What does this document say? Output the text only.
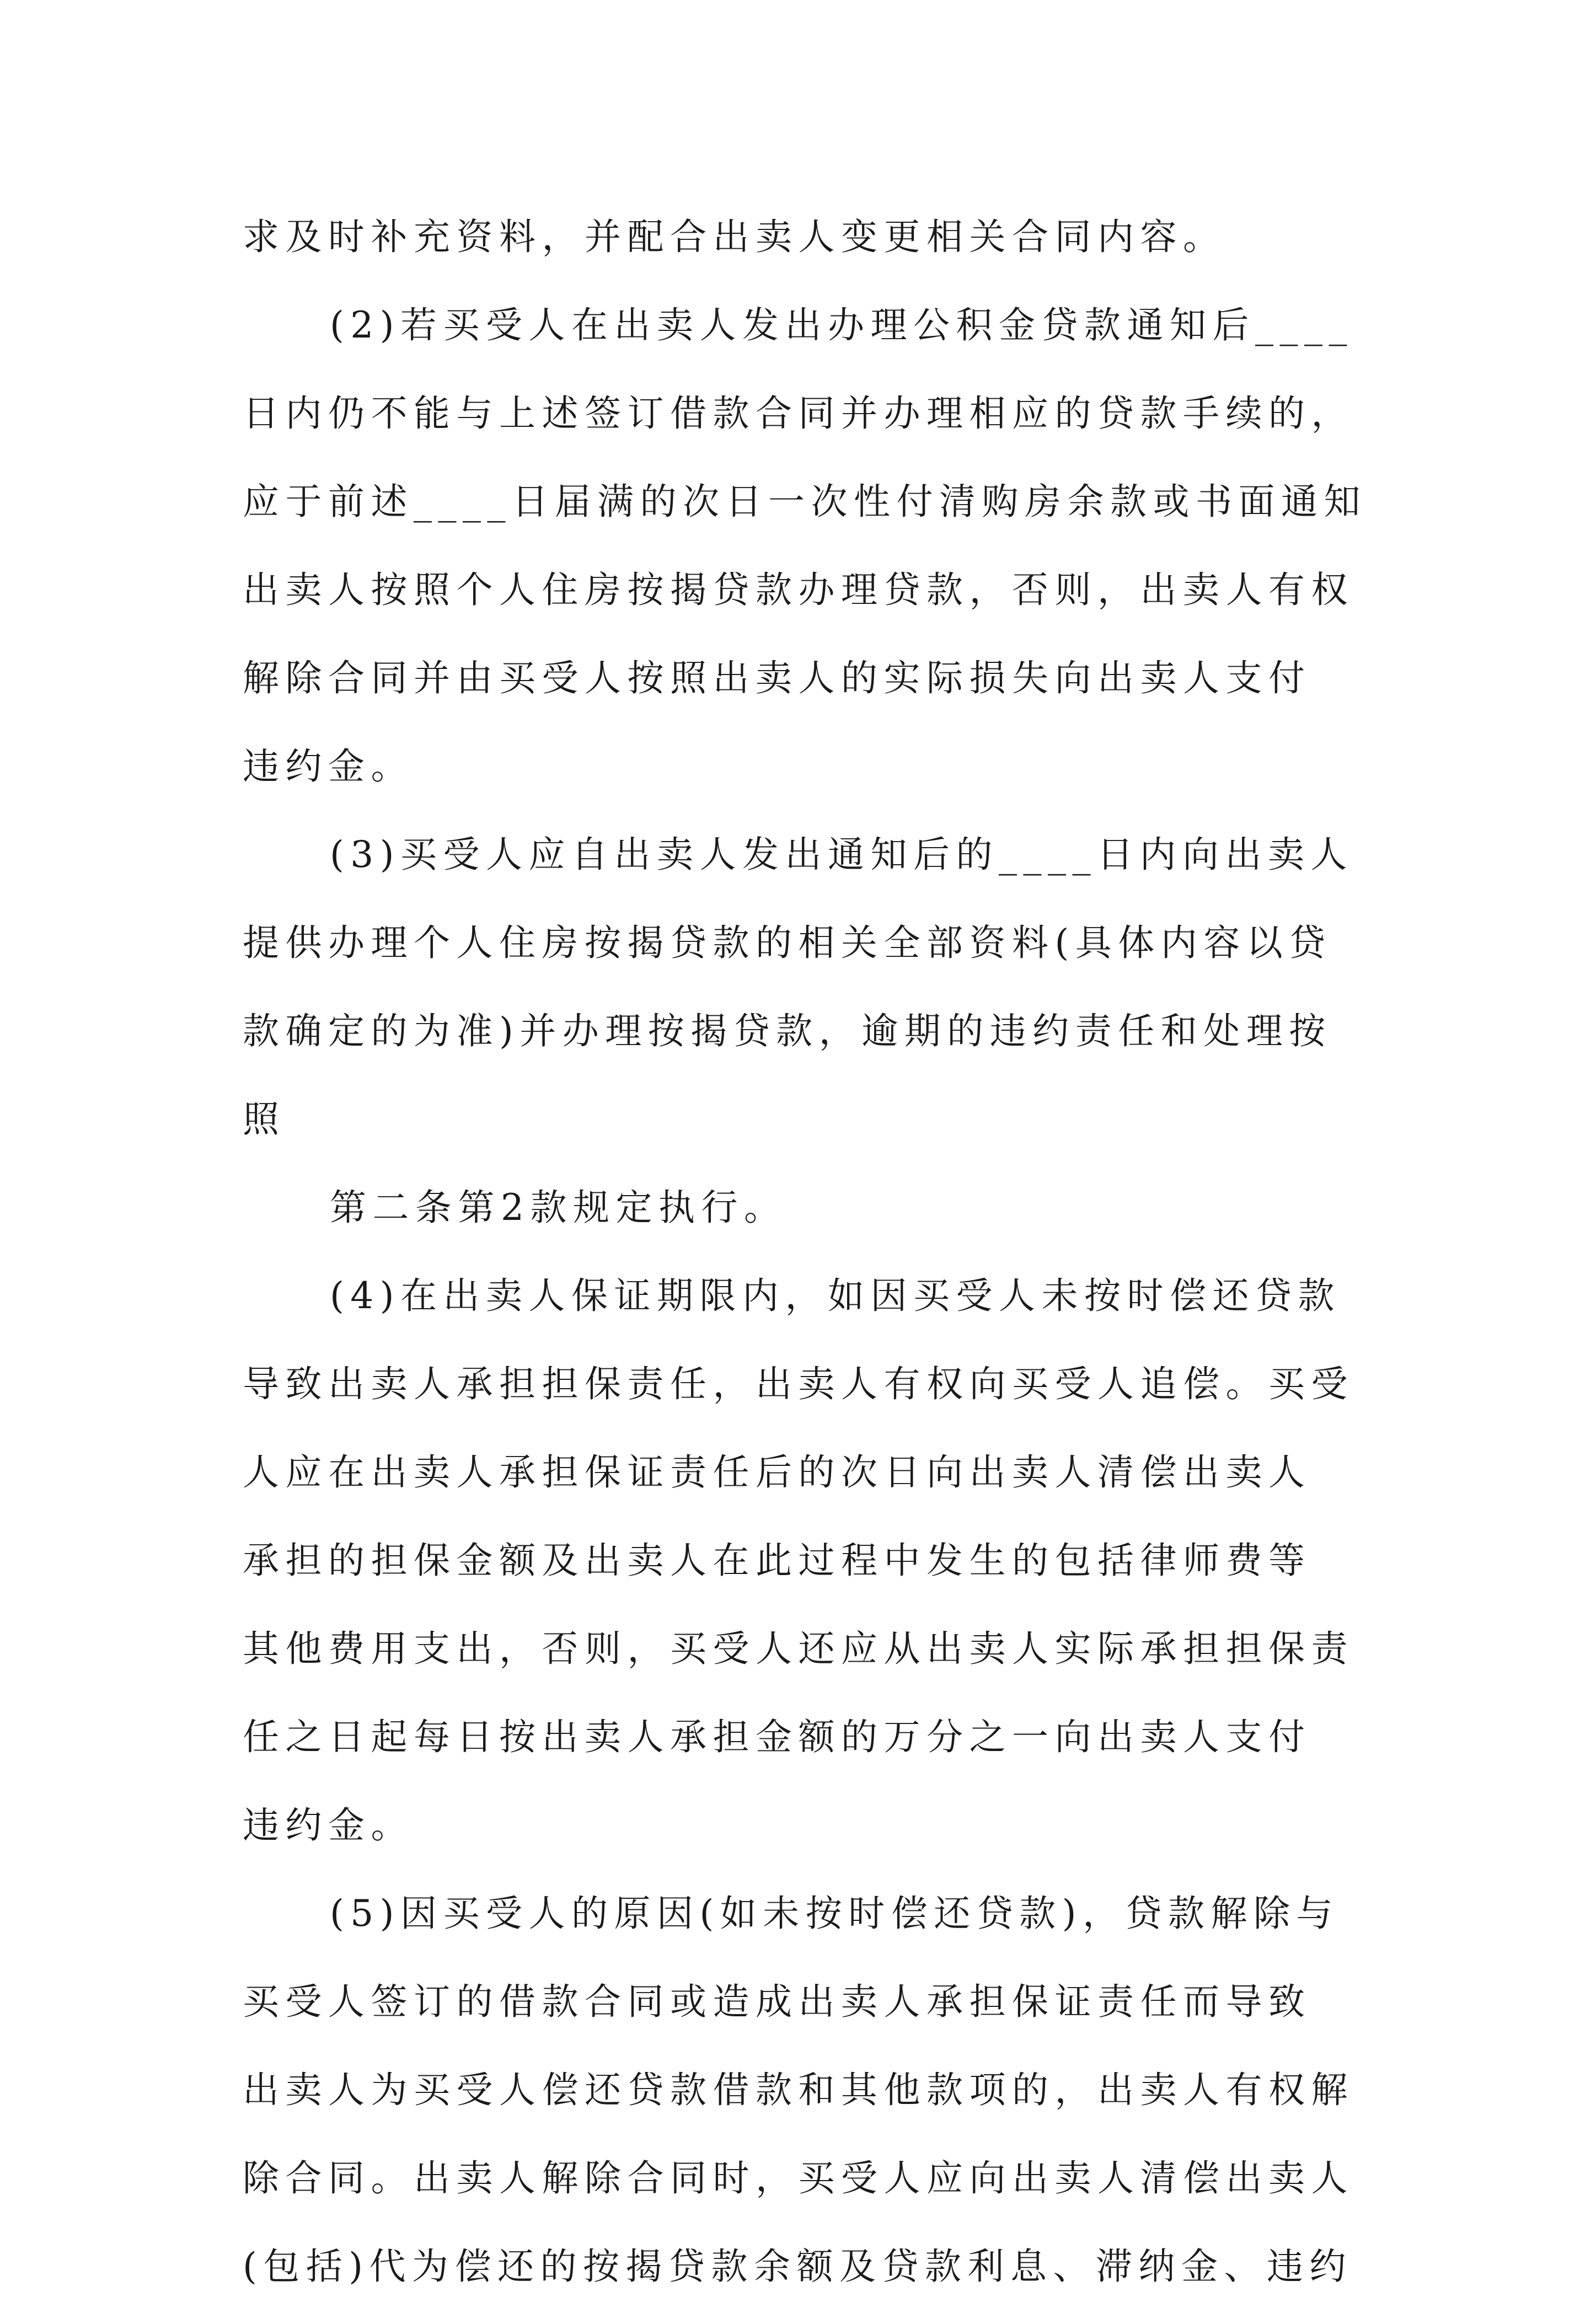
求及时补充资料，并配合出卖人变更相关合同内容。
(2)若买受人在出卖人发出办理公积金贷款通知后____
日内仍不能与上述签订借款合同并办理相应的贷款手续的，
应于前述____日届满的次日一次性付清购房余款或书面通知
出卖人按照个人住房按揭贷款办理贷款，否则，出卖人有权
解除合同并由买受人按照出卖人的实际损失向出卖人支付
违约金。
(3)买受人应自出卖人发出通知后的____日内向出卖人
提供办理个人住房按揭贷款的相关全部资料(具体内容以贷
款确定的为准)并办理按揭贷款，逾期的违约责任和处理按
照
第二条第2款规定执行。
(4)在出卖人保证期限内，如因买受人未按时偿还贷款
导致出卖人承担担保责任，出卖人有权向买受人追偿。买受
人应在出卖人承担保证责任后的次日向出卖人清偿出卖人
承担的担保金额及出卖人在此过程中发生的包括律师费等
其他费用支出，否则，买受人还应从出卖人实际承担担保责
任之日起每日按出卖人承担金额的万分之一向出卖人支付
违约金。
(5)因买受人的原因(如未按时偿还贷款)，贷款解除与
买受人签订的借款合同或造成出卖人承担保证责任而导致
出卖人为买受人偿还贷款借款和其他款项的，出卖人有权解
除合同。出卖人解除合同时，买受人应向出卖人清偿出卖人
(包括)代为偿还的按揭贷款余额及贷款利息、滞纳金、违约
